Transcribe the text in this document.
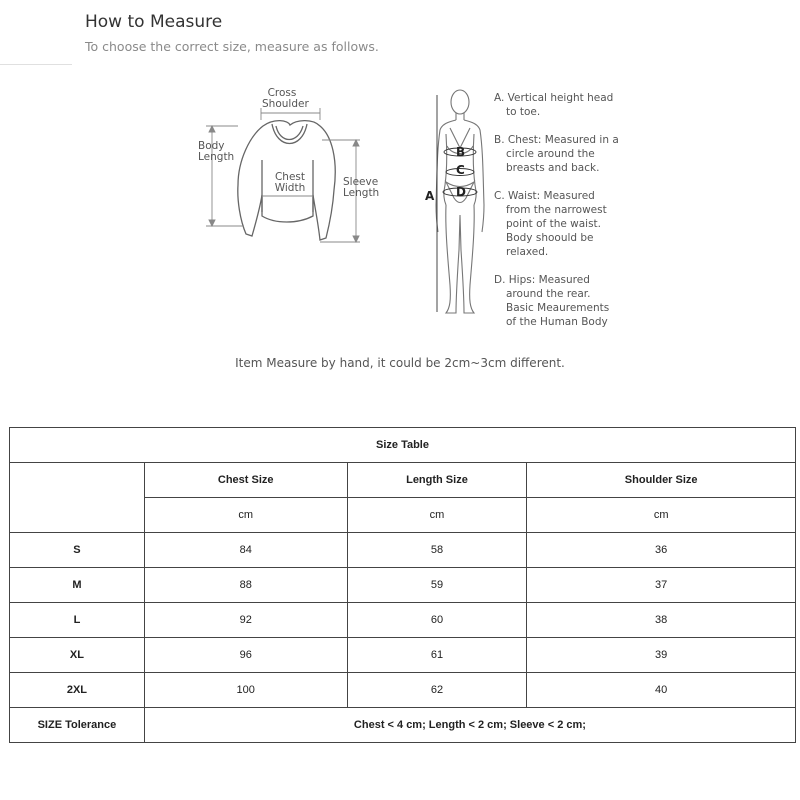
How to Measure
To choose the correct size, measure as follows.
Cross
Shoulder
Body
Length
Chest
Width	Sleeve
Length	A
B
C
D
A. Vertical height head
to toe.
B. Chest: Measured in a
circle around the
breasts and back.
C. Waist: Measured
from the narrowest
point of the waist.
Body shoould be
relaxed.
D. Hips: Measured
around the rear.
Basic Meaurements
of the Human Body
Item Measure by hand, it could be 2cm~3cm different.
Size Table			
	Chest Size	Length Size	Shoulder Size
	cm	cm	cm
S	84	58	36
M	88	59	37
L	92	60	38
XL	96	61	39
2XL	100	62	40
SIZE Tolerance	Chest < 4 cm; Length < 2 cm; Sleeve < 2 cm;		
